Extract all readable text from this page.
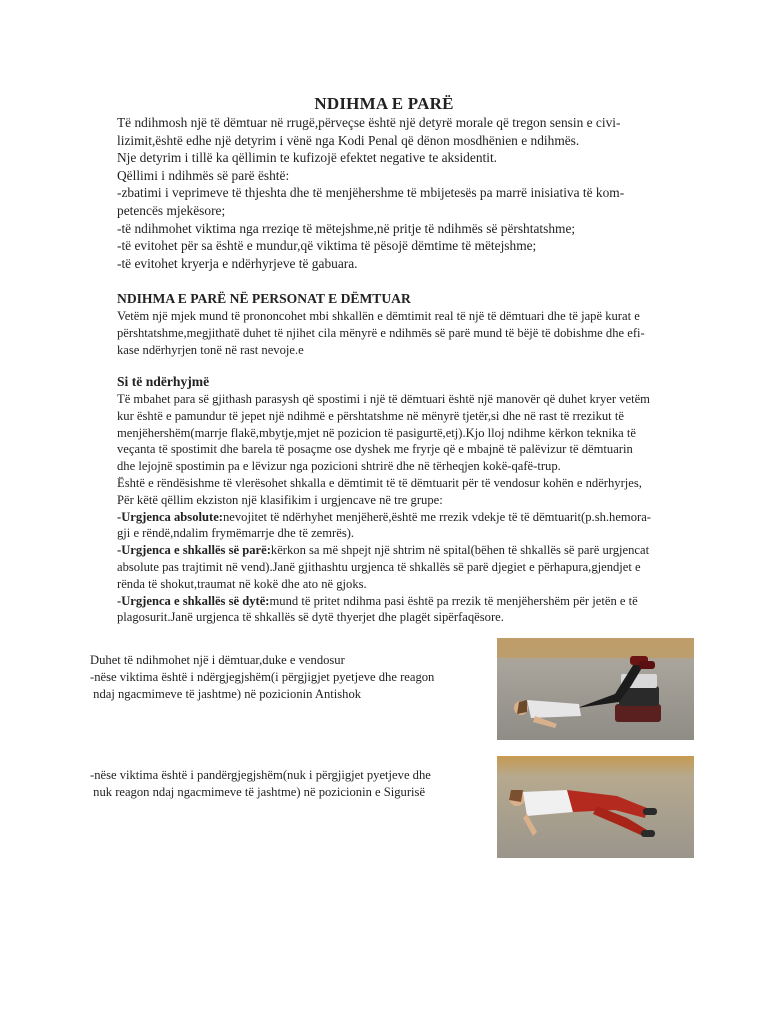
NDIHMA E PARË
Të ndihmosh një të dëmtuar në rrugë,përveçse është një detyrë morale që tregon sensin e civi-
lizimit,është edhe një detyrim i vënë nga Kodi Penal që dënon mosdhënien e ndihmës.
Nje detyrim i tillë ka qëllimin te kufizojë efektet negative te aksidentit.
Qëllimi i ndihmës së parë është:
-zbatimi i veprimeve të thjeshta dhe të menjëhershme të mbijetesës pa marrë inisiativa të kom-
petencës mjekësore;
-të ndihmohet viktima nga rreziqe të mëtejshme,në pritje të ndihmës së përshtatshme;
-të evitohet për sa është e mundur,që viktima të pësojë dëmtime të mëtejshme;
-të evitohet kryerja e ndërhyrjeve të gabuara.
NDIHMA E PARË NË PERSONAT E DËMTUAR
Vetëm një mjek mund të prononcohet mbi shkallën e dëmtimit real të një të dëmtuari dhe të japë kurat e
përshtatshme,megjithatë duhet të njihet cila mënyrë e ndihmës së parë mund të bëjë të dobishme dhe efi-
kase ndërhyrjen tonë në rast nevoje.e
Si të ndërhyjmë
Të mbahet para së gjithash parasysh që spostimi i një të dëmtuari është një manovër që duhet kryer vetëm
kur është e pamundur të jepet një ndihmë e përshtatshme në mënyrë tjetër,si dhe në rast të rrezikut të
menjëhershëm(marrje flakë,mbytje,mjet në pozicion të pasigurtë,etj).Kjo lloj ndihme kërkon teknika të
veçanta të spostimit dhe barela të posaçme ose dyshek me fryrje që e mbajnë të palëvizur të dëmtuarin
dhe lejojnë spostimin pa e lëvizur nga pozicioni shtrirë dhe në tërheqjen kokë-qafë-trup.
Është e rëndësishme të vlerësohet shkalla e dëmtimit të të dëmtuarit për të vendosur kohën e ndërhyrjes,
Për këtë qëllim ekziston një klasifikim i urgjencave në tre grupe:
-Urgjenca absolute:nevojitet të ndërhyhet menjëherë,është me rrezik vdekje të të dëmtuarit(p.sh.hemora-
gji e rëndë,ndalim frymëmarrje dhe të zemrës).
-Urgjenca e shkallës së parë:kërkon sa më shpejt një shtrim në spital(bëhen të shkallës së parë urgjencat
absolute pas trajtimit në vend).Janë gjithashtu urgjenca të shkallës së parë djegiet e përhapura,gjendjet e
rënda të shokut,traumat në kokë dhe ato në gjoks.
-Urgjenca e shkallës së dytë:mund të pritet ndihma pasi është pa rrezik të menjëhershëm për jetën e të
plagosurit.Janë urgjenca të shkallës së dytë thyerjet dhe plagët sipërfaqësore.
Duhet të ndihmohet një i dëmtuar,duke e vendosur
-nëse viktima është i ndërgjegjshëm(i përgjigjet pyetjeve dhe reagon
ndaj ngacmimeve të jashtme) në pozicionin Antishok
-nëse viktima është i pandërgjegjshëm(nuk i përgjigjet pyetjeve dhe
nuk reagon ndaj ngacmimeve të jashtme) në pozicionin e Sigurisë
